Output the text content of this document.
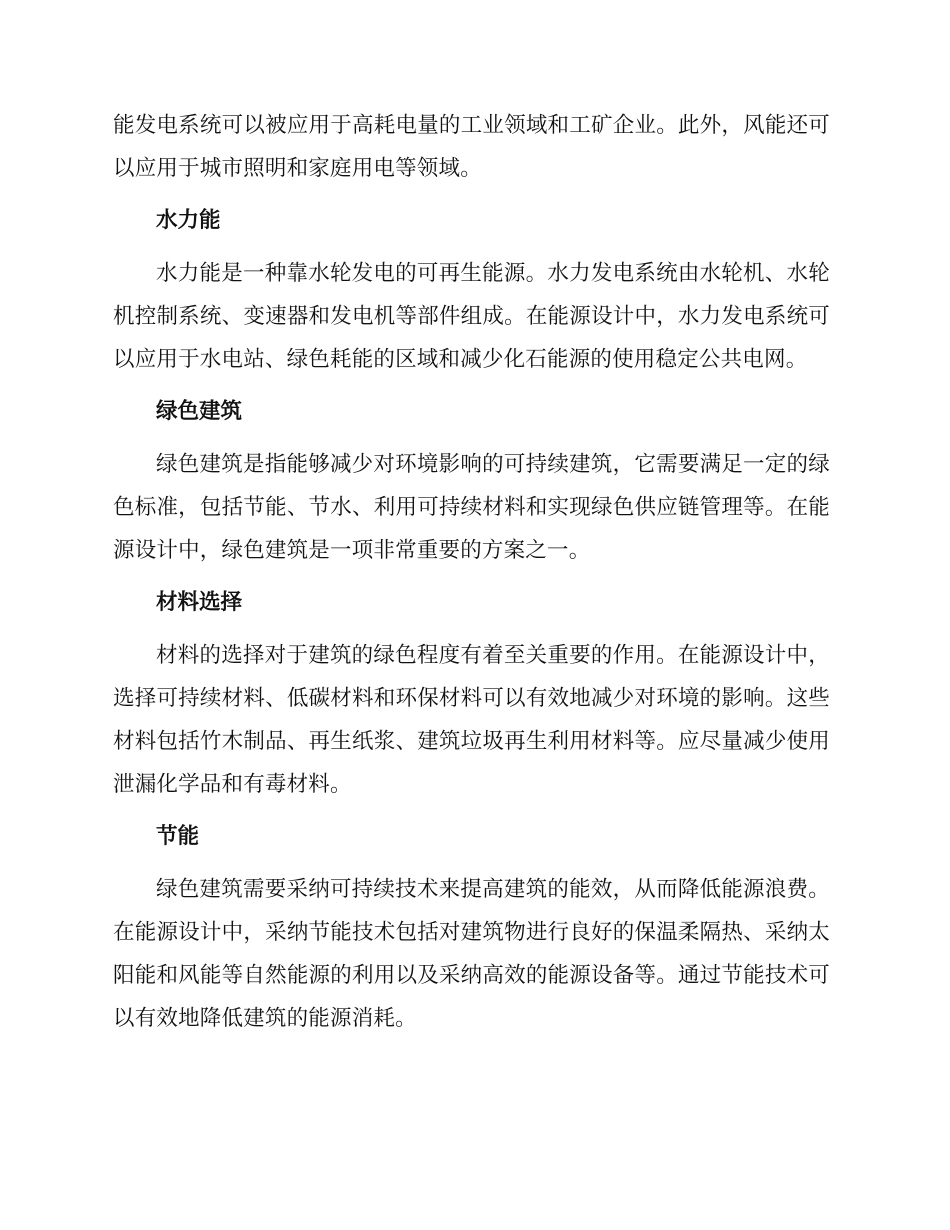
能发电系统可以被应用于高耗电量的工业领域和工矿企业。此外，风能还可以应用于城市照明和家庭用电等领域。

水力能

水力能是一种靠水轮发电的可再生能源。水力发电系统由水轮机、水轮机控制系统、变速器和发电机等部件组成。在能源设计中，水力发电系统可以应用于水电站、绿色耗能的区域和减少化石能源的使用稳定公共电网。

绿色建筑

绿色建筑是指能够减少对环境影响的可持续建筑，它需要满足一定的绿色标准，包括节能、节水、利用可持续材料和实现绿色供应链管理等。在能源设计中，绿色建筑是一项非常重要的方案之一。

材料选择

材料的选择对于建筑的绿色程度有着至关重要的作用。在能源设计中，选择可持续材料、低碳材料和环保材料可以有效地减少对环境的影响。这些材料包括竹木制品、再生纸浆、建筑垃圾再生利用材料等。应尽量减少使用泄漏化学品和有毒材料。

节能

绿色建筑需要采纳可持续技术来提高建筑的能效，从而降低能源浪费。在能源设计中，采纳节能技术包括对建筑物进行良好的保温柔隔热、采纳太阳能和风能等自然能源的利用以及采纳高效的能源设备等。通过节能技术可以有效地降低建筑的能源消耗。
